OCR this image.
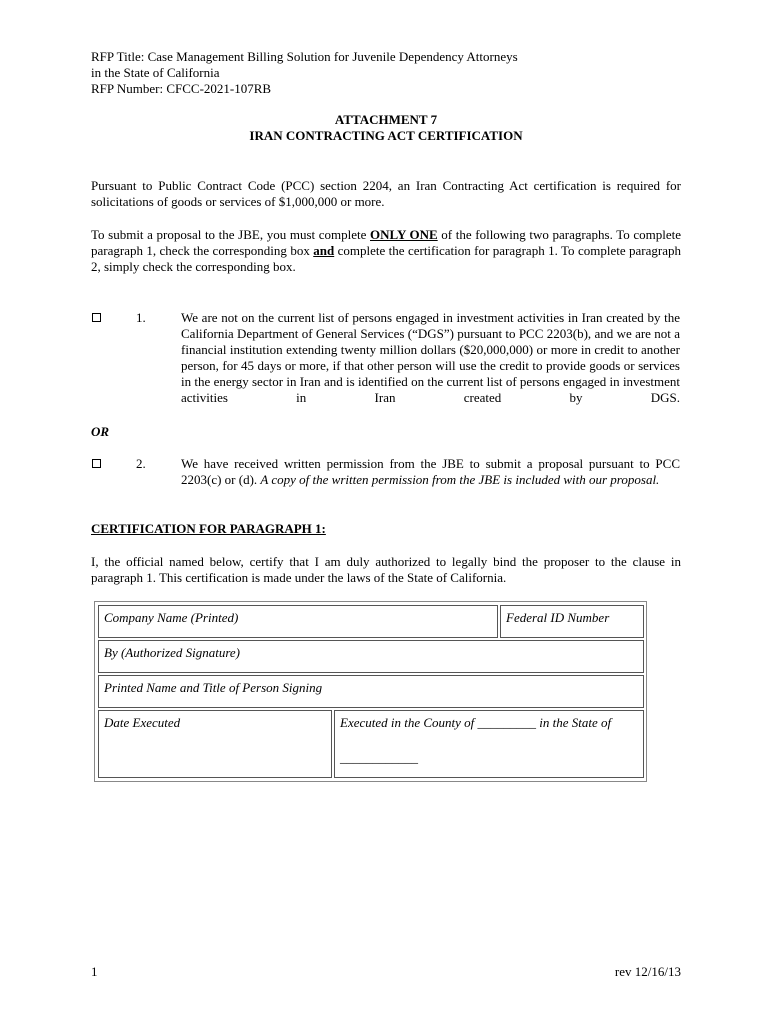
RFP Title: Case Management Billing Solution for Juvenile Dependency Attorneys
in the State of California
RFP Number: CFCC-2021-107RB
ATTACHMENT 7
IRAN CONTRACTING ACT CERTIFICATION
Pursuant to Public Contract Code (PCC) section 2204, an Iran Contracting Act certification is required for solicitations of goods or services of $1,000,000 or more.
To submit a proposal to the JBE, you must complete ONLY ONE of the following two paragraphs. To complete paragraph 1, check the corresponding box and complete the certification for paragraph 1. To complete paragraph 2, simply check the corresponding box.
1.	We are not on the current list of persons engaged in investment activities in Iran created by the California Department of General Services (“DGS”) pursuant to PCC 2203(b), and we are not a financial institution extending twenty million dollars ($20,000,000) or more in credit to another person, for 45 days or more, if that other person will use the credit to provide goods or services in the energy sector in Iran and is identified on the current list of persons engaged in investment activities in Iran created by DGS.
OR
2.	We have received written permission from the JBE to submit a proposal pursuant to PCC 2203(c) or (d). A copy of the written permission from the JBE is included with our proposal.
CERTIFICATION FOR PARAGRAPH 1:
I, the official named below, certify that I am duly authorized to legally bind the proposer to the clause in paragraph 1. This certification is made under the laws of the State of California.
Company Name (Printed)	Federal ID Number
By (Authorized Signature)
Printed Name and Title of Person Signing
Date Executed	Executed in the County of _________ in the State of
____________
1	rev 12/16/13
